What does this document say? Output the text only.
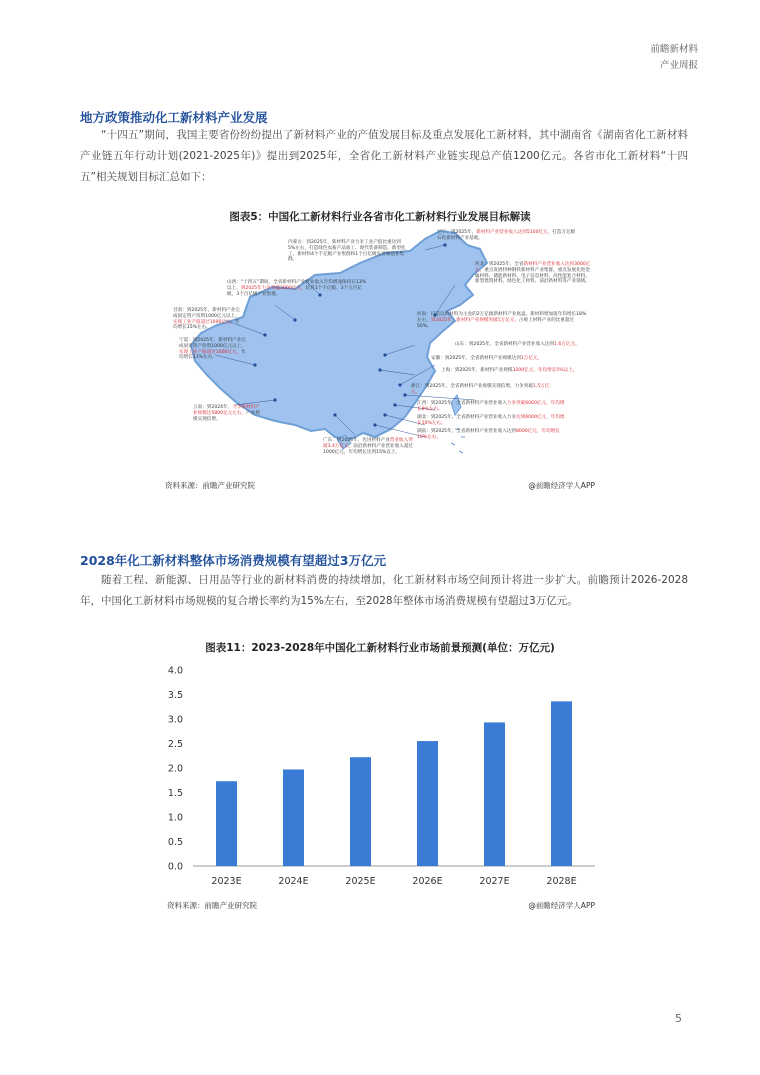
前瞻新材料
产业周报
地方政策推动化工新材料产业发展
“十四五”期间，我国主要省份纷纷提出了新材料产业的产值发展目标及重点发展化工新材料，其中湖南省《湖南省化工新材料产业链五年行动计划(2021-2025年)》提出到2025年，全省化工新材料产业链实现总产值1200亿元。各省市化工新材料“十四五”相关规划目标汇总如下：
图表5：中国化工新材料行业各省市化工新材料行业发展目标解读
内蒙古：到2025年，新材料产业力争工业产值比重达到5%左右，打造绿色农畜产品加工、现代装备制造、新型化工、新材料4个千亿级产业集群和1个百亿级先进制造业集群。
辽宁：到2025年，新材料产业营业收入达到5100亿元，打造万亿级石化新材料产业基地。
山西：“十四五”期间，全省新材料产业营业收入年均增速保持在13%以上，到2025年力争突破3000亿元，培育1个千亿级、3个五百亿级、3个百亿级产业集群。
甘肃：到2025年，新材料产业完成固定资产投资1000亿元以上，实现工业产值超过1000亿元，年均增长15%左右。
宁夏：到2025年，新材料产业完成固定资产投资1000亿元以上，实现工业产值超过1000亿元，年均增长13%左右。
云南：到2024年，力争新材料产业规模达5800亿元左右，产业规模实现倍增。
河北：到2025年，全省新材料产业营业收入达到3000亿元，重点发展特种钢铁新材料产业集群，重点发展先进金属材料、储能新材料、电子信息材料、高性能复合材料、新型建筑材料、绿色化工材料、前沿新材料等产业领域。
河南：打造以新材料为主攻的2万亿级新材料产业底盘。新材料增加值年均增长18%左右，到2025年，新材料产业规模突破1万亿元，占规上材料产业的比重超过50%。
山东：到2025年，全省新材料产业营业收入达到1.6万亿元。
安徽：到2025年，全省新材料产业规模达到1万亿元。
上海：到2025年，新材料产业规模3200亿元，年均增长5%以上。
浙江：到2025年，全省新材料产业规模实现倍增，力争突破1.5万亿元。
江西：到2025年，全省新材料产业营业收入力争突破6000亿元，年均增长8%左右。
湖北：到2025年，全省新材料产业营业收入力争达到6000亿元，年均增长10%左右。
湖南：到2025年，全省新材料产业营业收入达到8000亿元，年均增长10%左右。
广东：到2025年，先进材料产业营业收入突破3.4万亿元，前沿新材料产业营业收入超过1000亿元，年均增长达到15%以上。
资料来源：前瞻产业研究院	@前瞻经济学人APP
2028年化工新材料整体市场消费规模有望超过3万亿元
随着工程、新能源、日用品等行业的新材料消费的持续增加，化工新材料市场空间预计将进一步扩大。前瞻预计2026-2028年，中国化工新材料市场规模的复合增长率约为15%左右，至2028年整体市场消费规模有望超过3万亿元。
图表11：2023-2028年中国化工新材料行业市场前景预测(单位：万亿元)
0.0
0.5
1.0
1.5
2.0
2.5
3.0
3.5
4.0
2023E	2024E	2025E	2026E	2027E	2028E
资料来源：前瞻产业研究院	@前瞻经济学人APP
5
